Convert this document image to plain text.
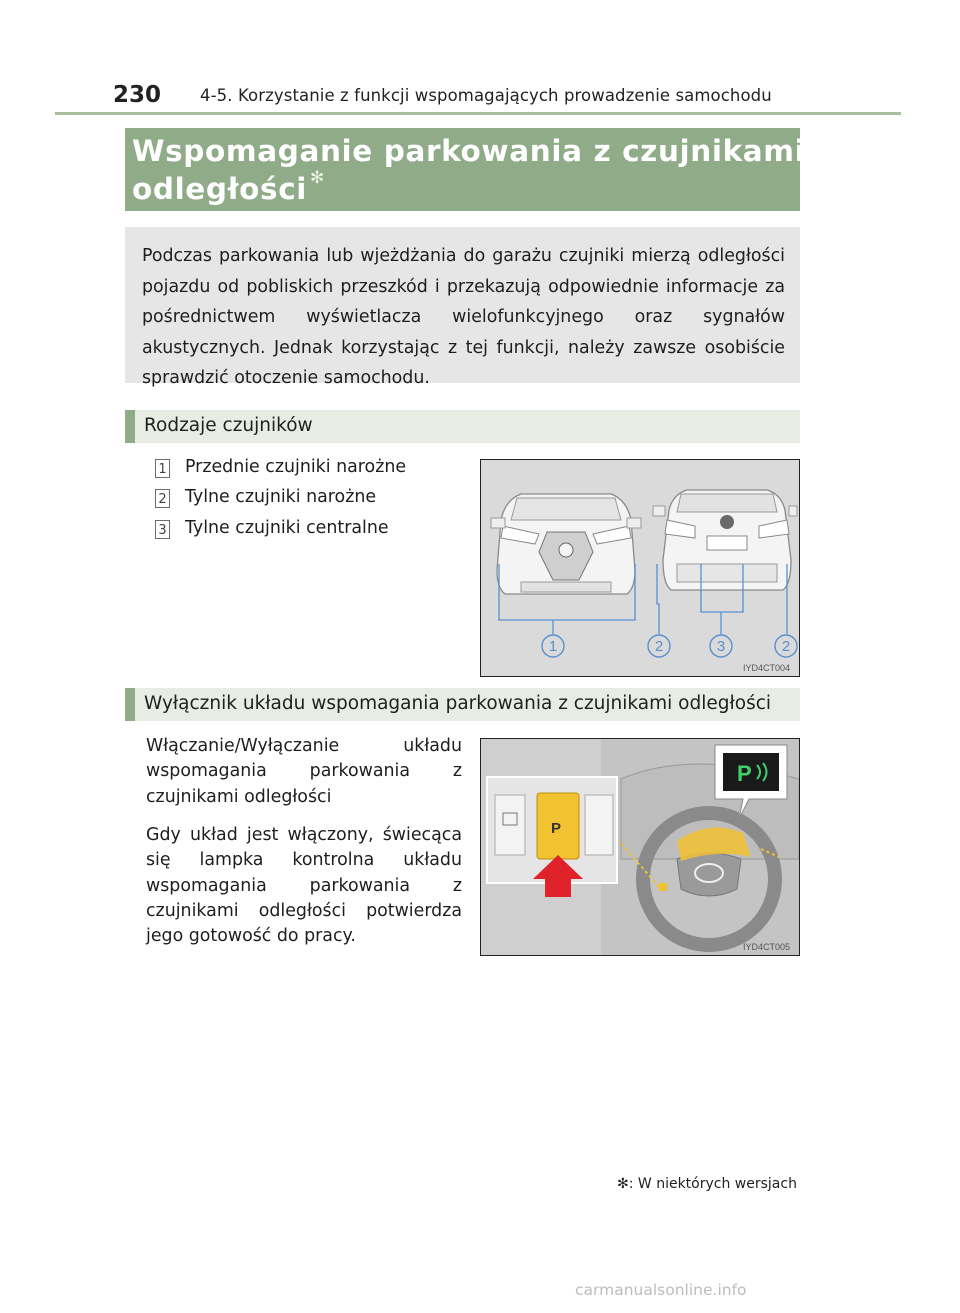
230 4-5. Korzystanie z funkcji wspomagających prowadzenie samochodu
Wspomaganie parkowania z czujnikami
odległości ✻
Podczas parkowania lub wjeżdżania do garażu czujniki mierzą odległości pojazdu od pobliskich przeszkód i przekazują odpowiednie informacje za pośrednictwem wyświetlacza wielofunkcyjnego oraz sygnałów akustycznych. Jednak korzystając z tej funkcji, należy zawsze osobiście sprawdzić otoczenie samochodu.
Rodzaje czujników
1 Przednie czujniki narożne
2 Tylne czujniki narożne
3 Tylne czujniki centralne
1	2	3	2
IYD4CT004
Wyłącznik układu wspomagania parkowania z czujnikami odległości
Włączanie/Wyłączanie układu wspomagania parkowania z czujnikami odległości
Gdy układ jest włączony, świecąca się lampka kontrolna układu wspomagania parkowania z czujnikami odległości potwierdza jego gotowość do pracy.
P
P
IYD4CT005
✻: W niektórych wersjach
carmanualsonline.info
